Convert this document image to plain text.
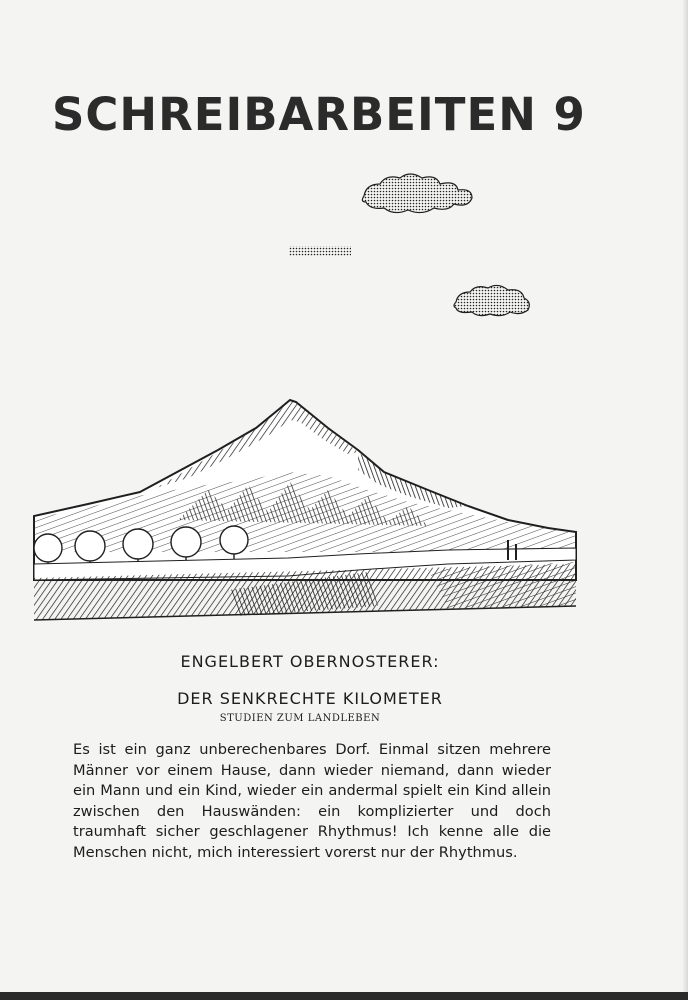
SCHREIBARBEITEN 9
ENGELBERT OBERNOSTERER:
DER SENKRECHTE KILOMETER
STUDIEN ZUM LANDLEBEN

Es ist ein ganz unberechenbares Dorf. Einmal sitzen mehrere Männer vor einem Hause, dann wieder niemand, dann wieder ein Mann und ein Kind, wieder ein andermal spielt ein Kind allein zwischen den Hauswänden: ein komplizierter und doch traumhaft sicher geschlagener Rhythmus! Ich kenne alle die Menschen nicht, mich interessiert vorerst nur der Rhythmus.
